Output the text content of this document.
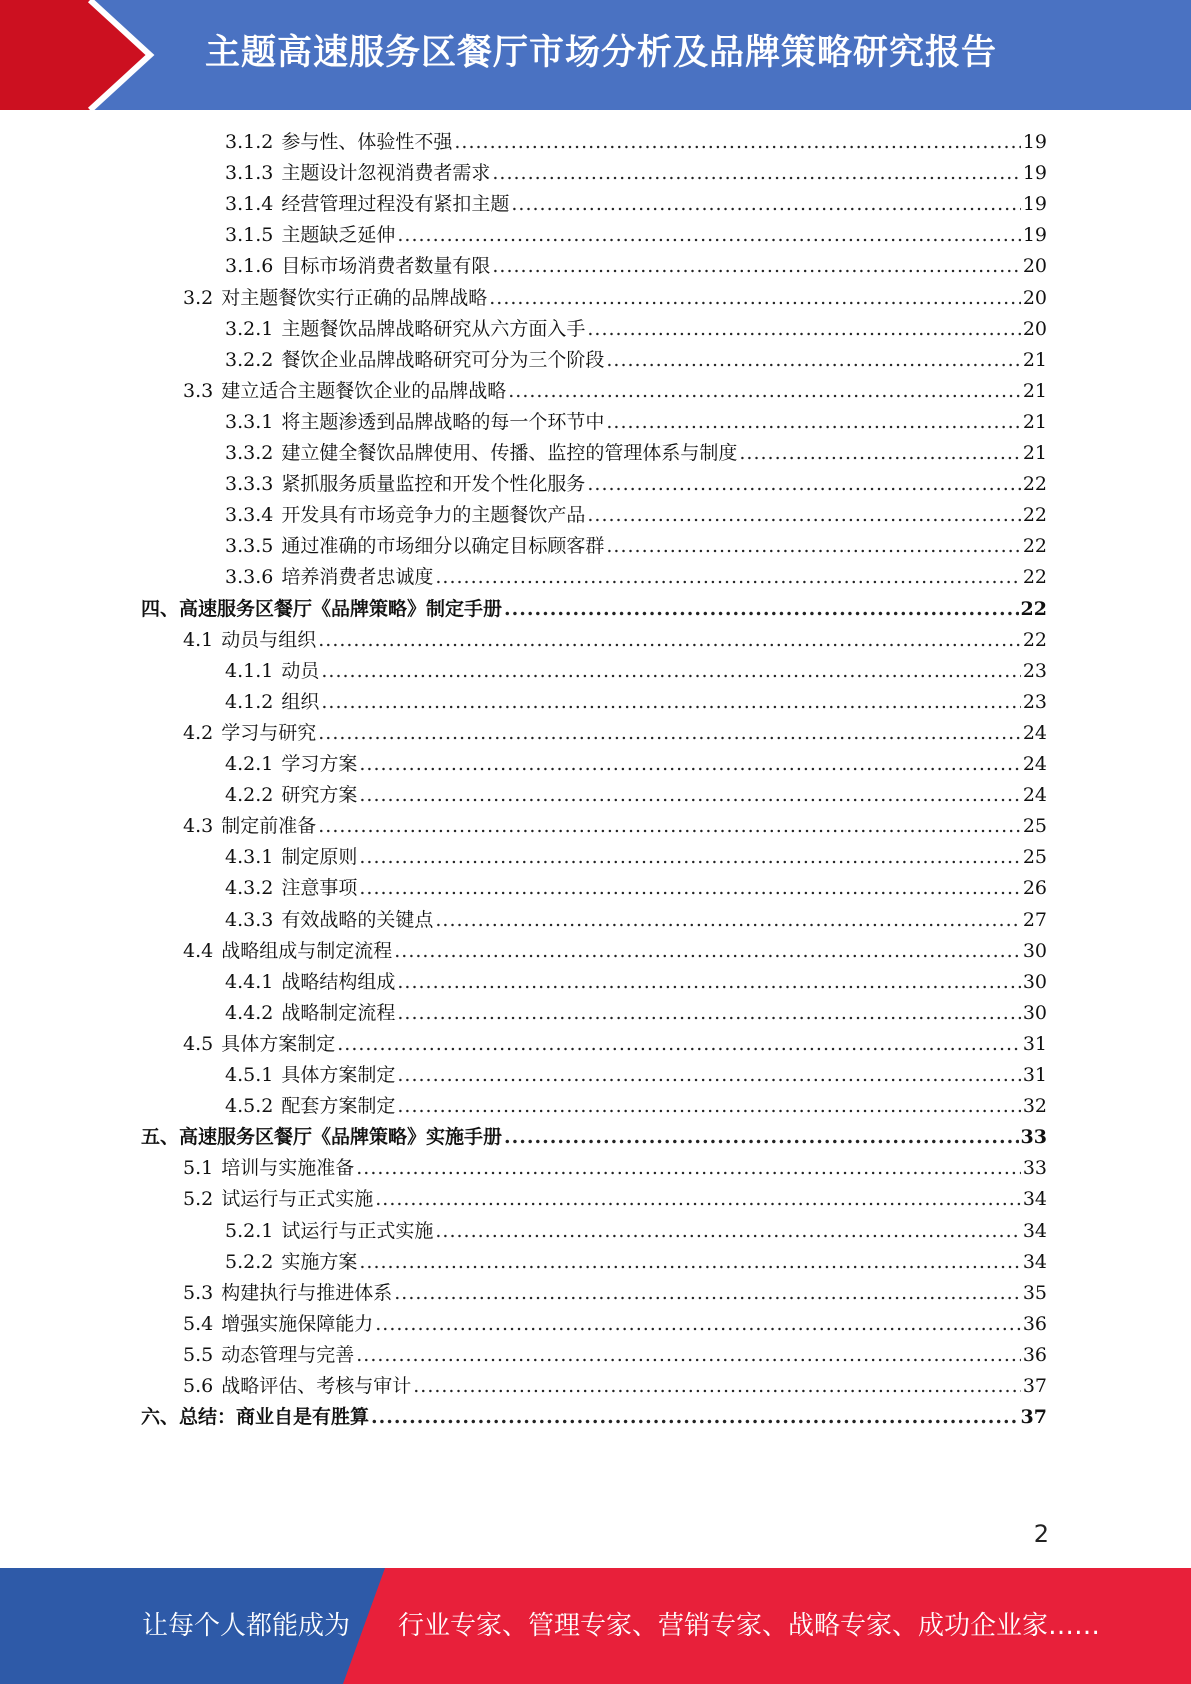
主题高速服务区餐厅市场分析及品牌策略研究报告
3.1.2 参与性、体验性不强 .....	19
3.1.3 主题设计忽视消费者需求 .....	19
3.1.4 经营管理过程没有紧扣主题 .....	19
3.1.5 主题缺乏延伸 .....	19
3.1.6 目标市场消费者数量有限 .....	20
3.2 对主题餐饮实行正确的品牌战略 .....	20
3.2.1 主题餐饮品牌战略研究从六方面入手 .....	20
3.2.2 餐饮企业品牌战略研究可分为三个阶段 .....	21
3.3 建立适合主题餐饮企业的品牌战略 .....	21
3.3.1 将主题渗透到品牌战略的每一个环节中 .....	21
3.3.2 建立健全餐饮品牌使用、传播、监控的管理体系与制度 .....	21
3.3.3 紧抓服务质量监控和开发个性化服务 .....	22
3.3.4 开发具有市场竞争力的主题餐饮产品 .....	22
3.3.5 通过准确的市场细分以确定目标顾客群 .....	22
3.3.6 培养消费者忠诚度 .....	22
四、高速服务区餐厅《品牌策略》制定手册 .....	22
4.1 动员与组织 .....	22
4.1.1 动员 .....	23
4.1.2 组织 .....	23
4.2 学习与研究 .....	24
4.2.1 学习方案 .....	24
4.2.2 研究方案 .....	24
4.3 制定前准备 .....	25
4.3.1 制定原则 .....	25
4.3.2 注意事项 .....	26
4.3.3 有效战略的关键点 .....	27
4.4 战略组成与制定流程 .....	30
4.4.1 战略结构组成 .....	30
4.4.2 战略制定流程 .....	30
4.5 具体方案制定 .....	31
4.5.1 具体方案制定 .....	31
4.5.2 配套方案制定 .....	32
五、高速服务区餐厅《品牌策略》实施手册 .....	33
5.1 培训与实施准备 .....	33
5.2 试运行与正式实施 .....	34
5.2.1 试运行与正式实施 .....	34
5.2.2 实施方案 .....	34
5.3 构建执行与推进体系 .....	35
5.4 增强实施保障能力 .....	36
5.5 动态管理与完善 .....	36
5.6 战略评估、考核与审计 .....	37
六、总结：商业自是有胜算 .....	37
2
让每个人都能成为 行业专家、管理专家、营销专家、战略专家、成功企业家……
